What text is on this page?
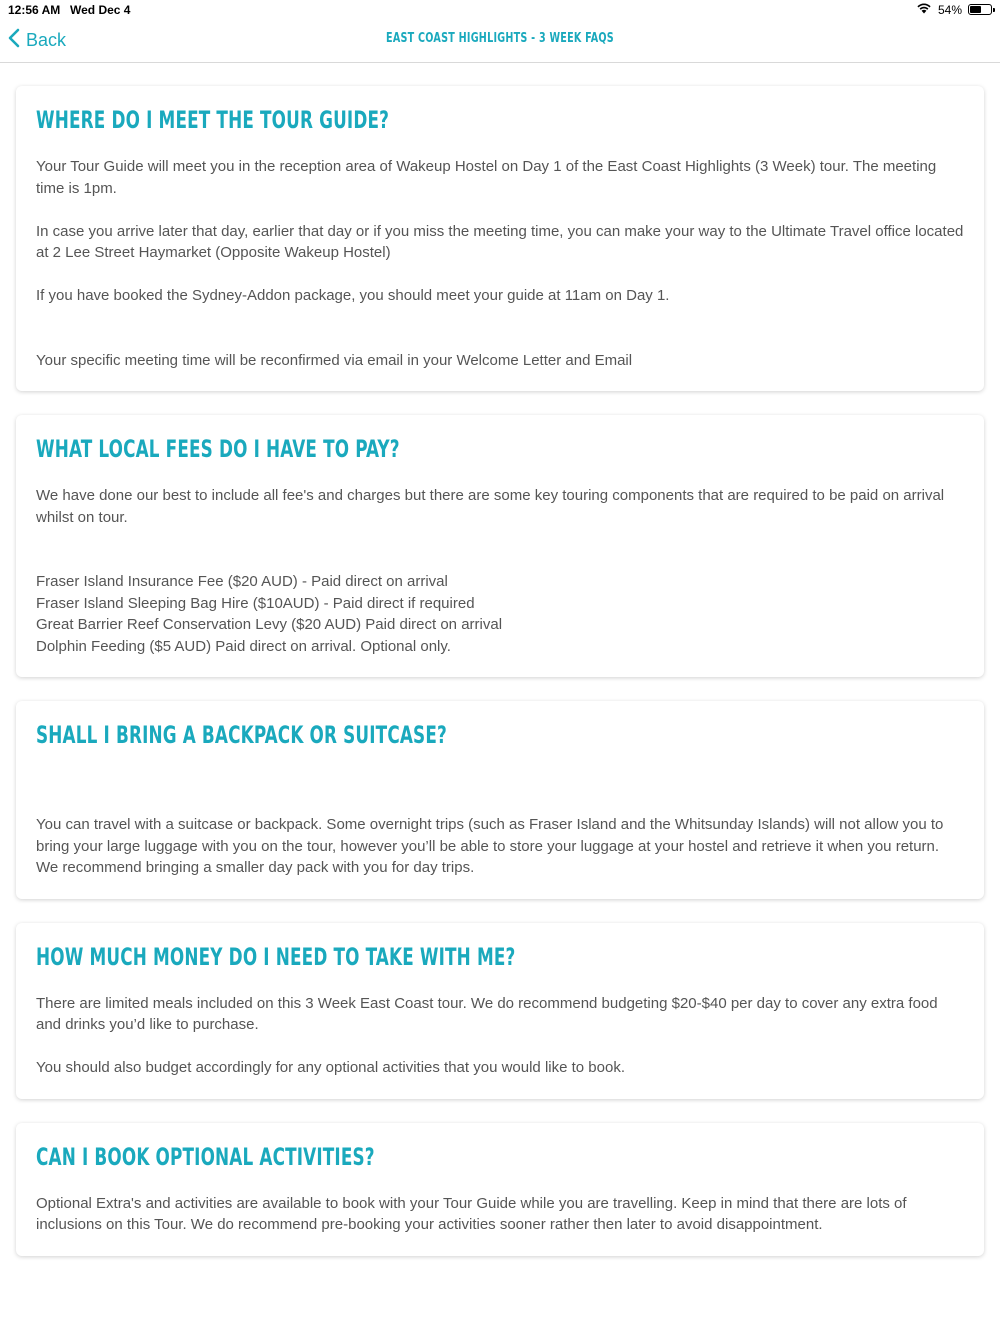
12:56 AM Wed Dec 4	54%
Back	EAST COAST HIGHLIGHTS - 3 WEEK FAQS
WHERE DO I MEET THE TOUR GUIDE?
Your Tour Guide will meet you in the reception area of Wakeup Hostel on Day 1 of the East Coast Highlights (3 Week) tour. The meeting time is 1pm.
In case you arrive later that day, earlier that day or if you miss the meeting time, you can make your way to the Ultimate Travel office located at 2 Lee Street Haymarket (Opposite Wakeup Hostel)
If you have booked the Sydney-Addon package, you should meet your guide at 11am on Day 1.
Your specific meeting time will be reconfirmed via email in your Welcome Letter and Email
WHAT LOCAL FEES DO I HAVE TO PAY?
We have done our best to include all fee's and charges but there are some key touring components that are required to be paid on arrival whilst on tour.
Fraser Island Insurance Fee ($20 AUD) - Paid direct on arrival
Fraser Island Sleeping Bag Hire ($10AUD) - Paid direct if required
Great Barrier Reef Conservation Levy ($20 AUD) Paid direct on arrival
Dolphin Feeding ($5 AUD) Paid direct on arrival. Optional only.
SHALL I BRING A BACKPACK OR SUITCASE?
You can travel with a suitcase or backpack. Some overnight trips (such as Fraser Island and the Whitsunday Islands) will not allow you to bring your large luggage with you on the tour, however you’ll be able to store your luggage at your hostel and retrieve it when you return. We recommend bringing a smaller day pack with you for day trips.
HOW MUCH MONEY DO I NEED TO TAKE WITH ME?
There are limited meals included on this 3 Week East Coast tour. We do recommend budgeting $20-$40 per day to cover any extra food and drinks you’d like to purchase.
You should also budget accordingly for any optional activities that you would like to book.
CAN I BOOK OPTIONAL ACTIVITIES?
Optional Extra's and activities are available to book with your Tour Guide while you are travelling. Keep in mind that there are lots of inclusions on this Tour. We do recommend pre-booking your activities sooner rather then later to avoid disappointment.
